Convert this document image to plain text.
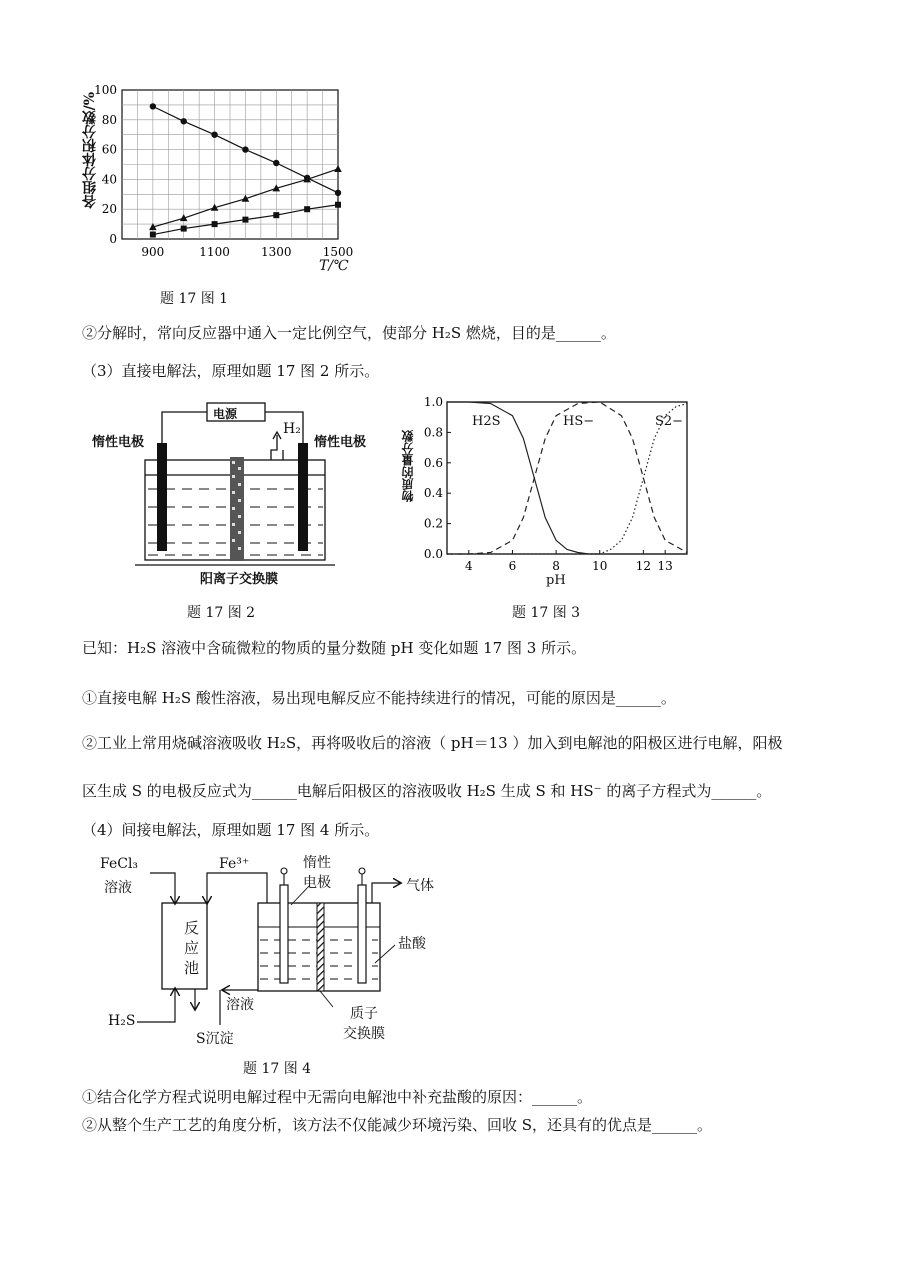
0
20
40
60
80
100
900	1100	1300	1500
各组分体积分数/%
T/℃
题 17 图 1
②分解时，常向反应器中通入一定比例空气，使部分 H₂S 燃烧，目的是______。
（3）直接电解法，原理如题 17 图 2 所示。
电源
H₂
惰性电极	惰性电极
阳离子交换膜
题 17 图 2
0.0
0.2
0.4
0.6
0.8
1.0
4	6	8	10 12 13
物质的量分数
pH
H2S	HS−	S2−
题 17 图 3
已知：H₂S 溶液中含硫微粒的物质的量分数随 pH 变化如题 17 图 3 所示。
①直接电解 H₂S 酸性溶液，易出现电解反应不能持续进行的情况，可能的原因是______。
②工业上常用烧碱溶液吸收 H₂S，再将吸收后的溶液（ pH＝13 ）加入到电解池的阳极区进行电解，阳极
区生成 S 的电极反应式为______电解后阳极区的溶液吸收 H₂S 生成 S 和 HS⁻ 的离子方程式为______。
（4）间接电解法，原理如题 17 图 4 所示。
FeCl₃
溶液
Fe³⁺
反
应
池
惰性
电极	气体
盐酸
H₂S
溶液
S沉淀
质子
交换膜
题 17 图 4
①结合化学方程式说明电解过程中无需向电解池中补充盐酸的原因：______。
②从整个生产工艺的角度分析，该方法不仅能减少环境污染、回收 S，还具有的优点是______。
